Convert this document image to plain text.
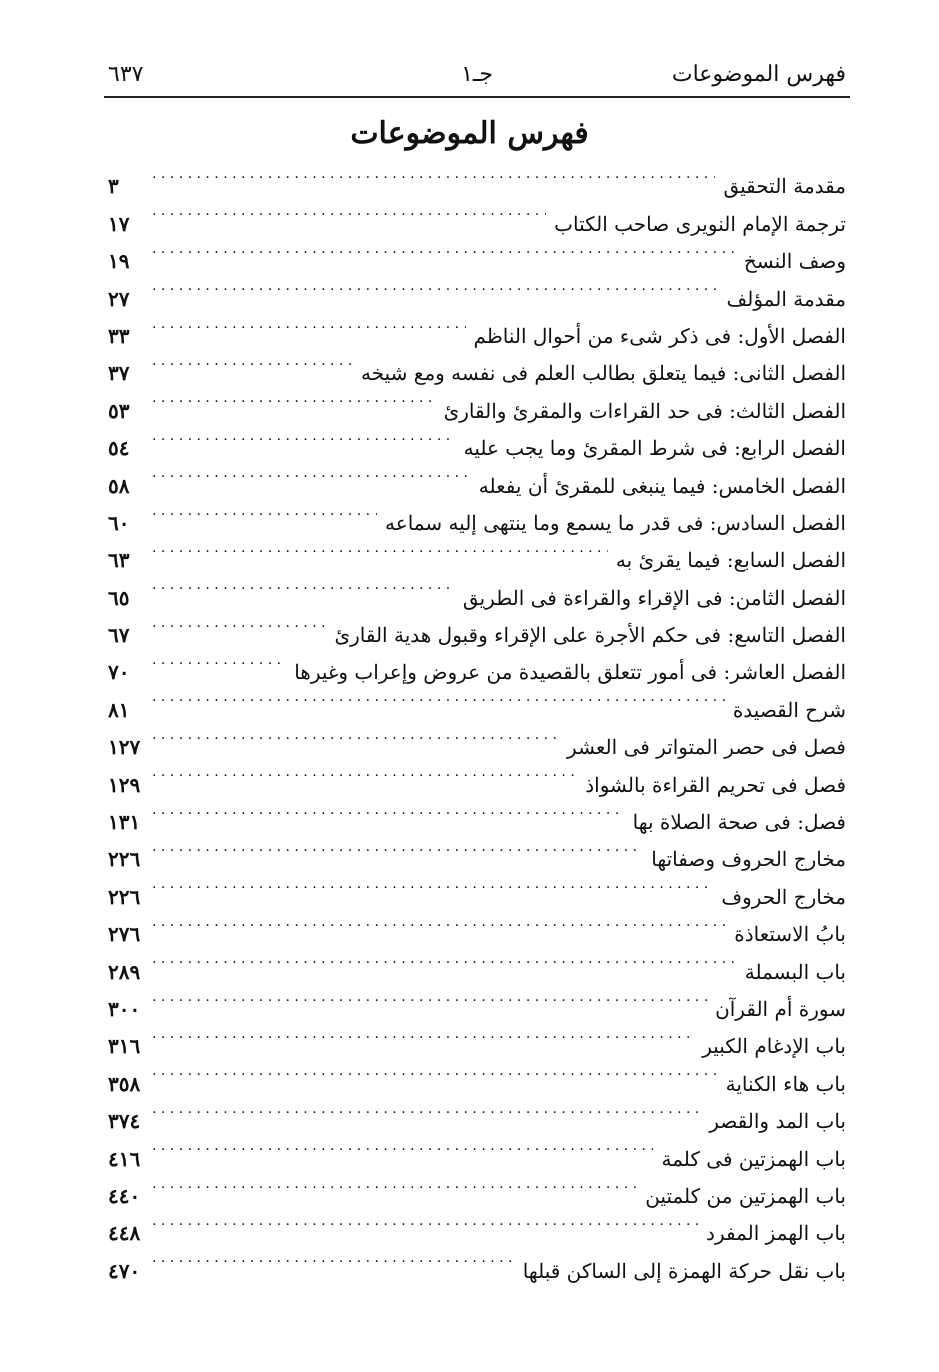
فهرس الموضوعات
جـ١
٦٣٧
فهرس الموضوعات
مقدمة التحقيق
. . .
٣
ترجمة الإمام النويرى صاحب الكتاب
. . .
١٧
وصف النسخ
. . .
١٩
مقدمة المؤلف
. . .
٢٧
الفصل الأول: فى ذكر شىء من أحوال الناظم
. . .
٣٣
الفصل الثانى: فيما يتعلق بطالب العلم فى نفسه ومع شيخه
. . .
٣٧
الفصل الثالث: فى حد القراءات والمقرئ والقارئ
. . .
٥٣
الفصل الرابع: فى شرط المقرئ وما يجب عليه
. . .
٥٤
الفصل الخامس: فيما ينبغى للمقرئ أن يفعله
. . .
٥٨
الفصل السادس: فى قدر ما يسمع وما ينتهى إليه سماعه
. . .
٦٠
الفصل السابع: فيما يقرئ به
. . .
٦٣
الفصل الثامن: فى الإقراء والقراءة فى الطريق
. . .
٦٥
الفصل التاسع: فى حكم الأجرة على الإقراء وقبول هدية القارئ
. . .
٦٧
الفصل العاشر: فى أمور تتعلق بالقصيدة من عروض وإعراب وغيرها
. . .
٧٠
شرح القصيدة
. . .
٨١
فصل فى حصر المتواتر فى العشر
. . .
١٢٧
فصل فى تحريم القراءة بالشواذ
. . .
١٢٩
فصل: فى صحة الصلاة بها
. . .
١٣١
مخارج الحروف وصفاتها
. . .
٢٢٦
مخارج الحروف
. . .
٢٢٦
بابُ الاستعاذة
. . .
٢٧٦
باب البسملة
. . .
٢٨٩
سورة أم القرآن
. . .
٣٠٠
باب الإدغام الكبير
. . .
٣١٦
باب هاء الكناية
. . .
٣٥٨
باب المد والقصر
. . .
٣٧٤
باب الهمزتين فى كلمة
. . .
٤١٦
باب الهمزتين من كلمتين
. . .
٤٤٠
باب الهمز المفرد
. . .
٤٤٨
باب نقل حركة الهمزة إلى الساكن قبلها
. . .
٤٧٠
